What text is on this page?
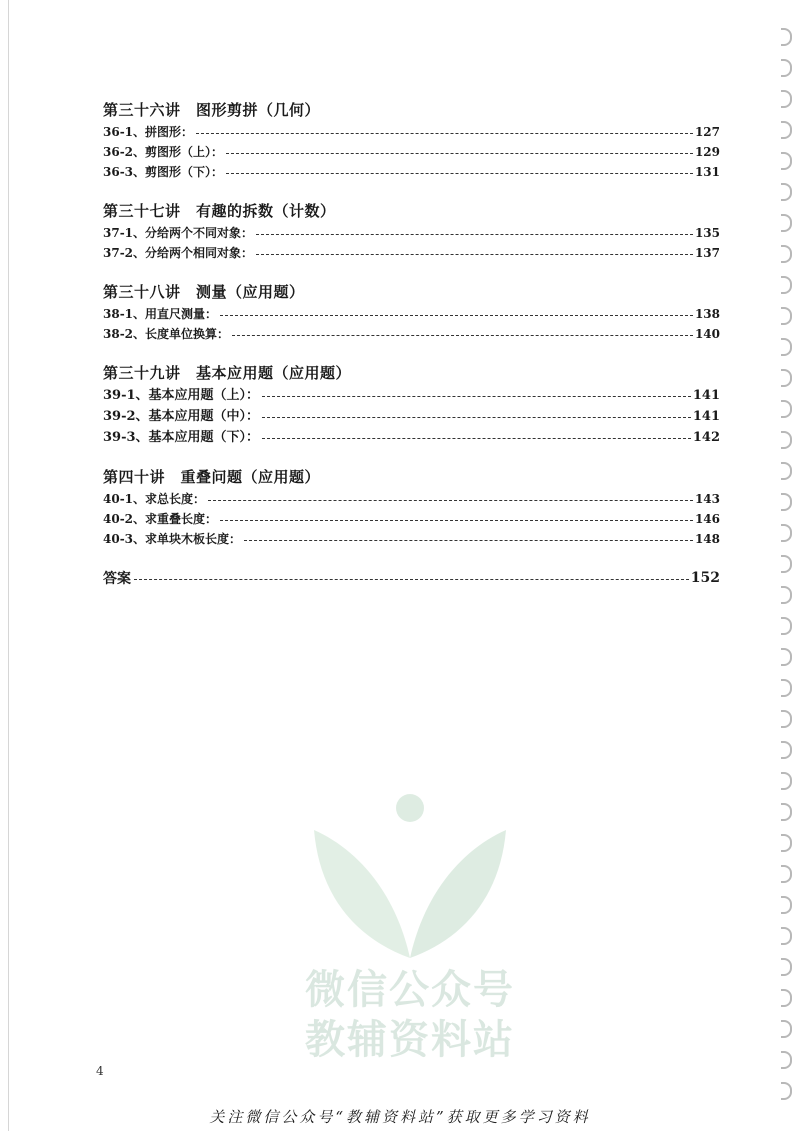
第三十六讲　图形剪拼（几何）
36-1、拼图形：	127
36-2、剪图形（上）：	129
36-3、剪图形（下）：	131
第三十七讲　有趣的拆数（计数）
37-1、分给两个不同对象：	135
37-2、分给两个相同对象：	137
第三十八讲　测量（应用题）
38-1、用直尺测量：	138
38-2、长度单位换算：	140
第三十九讲　基本应用题（应用题）
39-1、基本应用题（上）：	141
39-2、基本应用题（中）：	141
39-3、基本应用题（下）：	142
第四十讲　重叠问题（应用题）
40-1、求总长度：	143
40-2、求重叠长度：	146
40-3、求单块木板长度：	148
答案	152
微信公众号
教辅资料站
4
关注微信公众号“教辅资料站”获取更多学习资料
